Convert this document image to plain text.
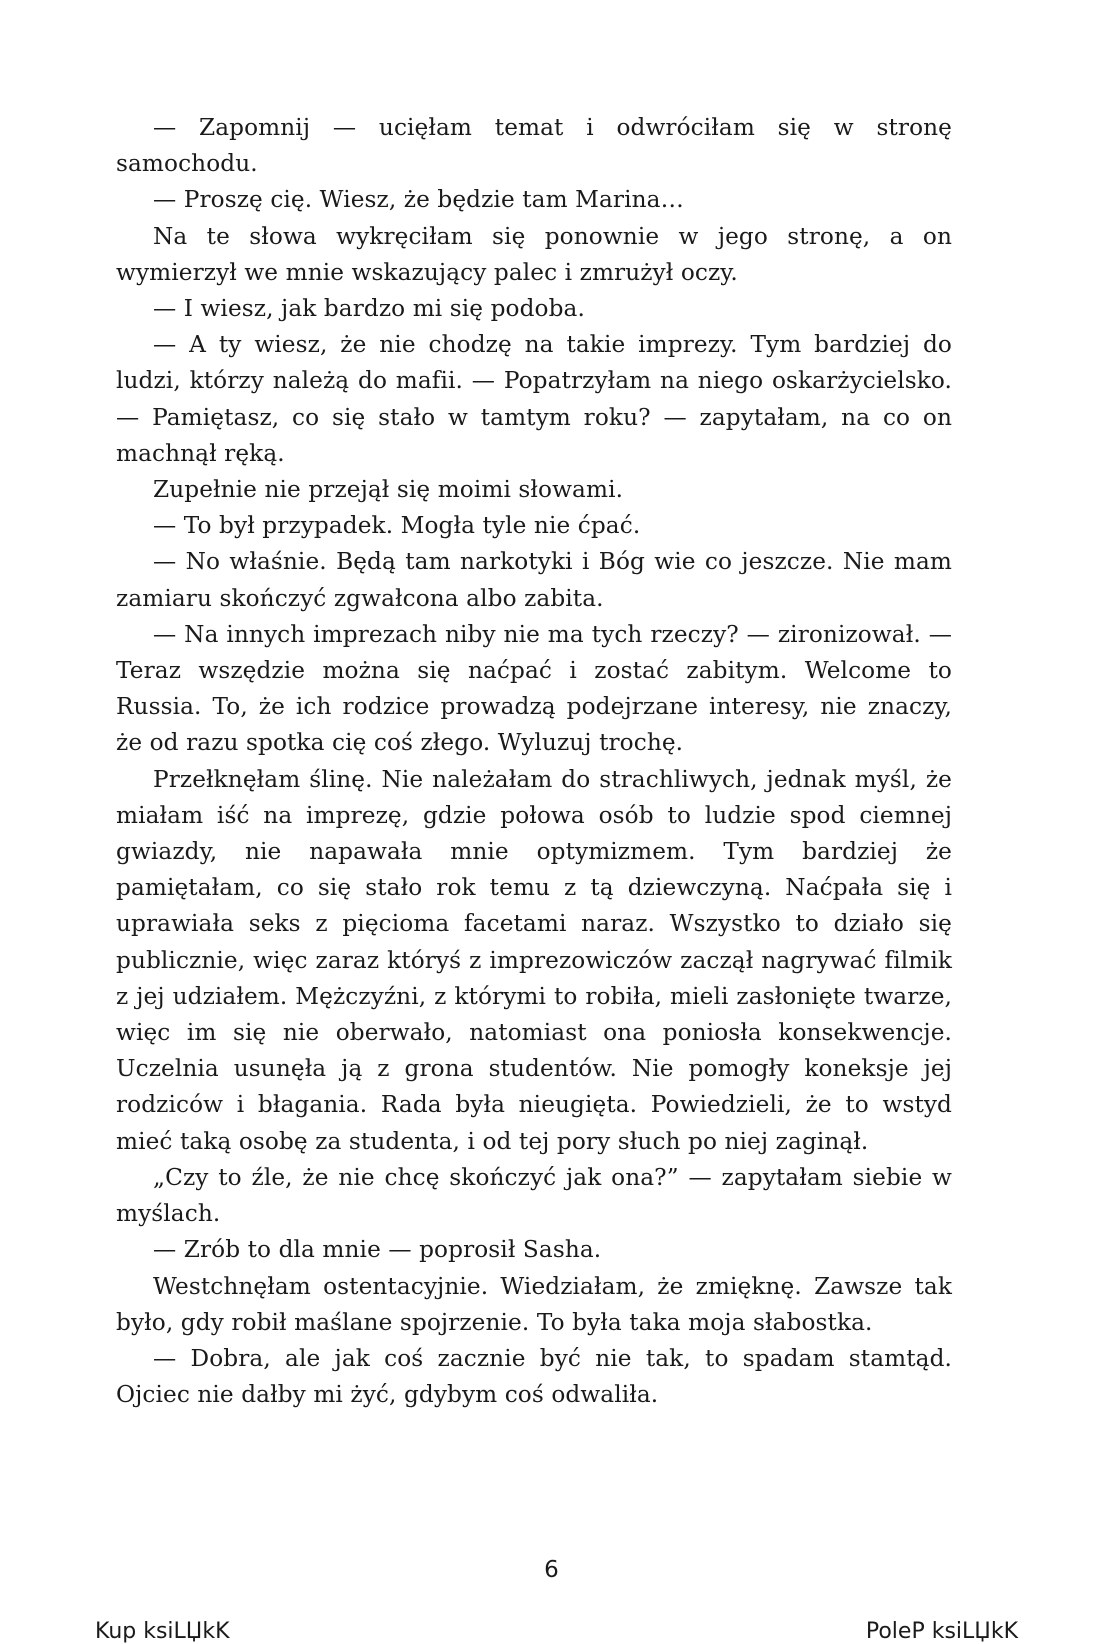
— Zapomnij — ucięłam temat i odwróciłam się w stronę samochodu.

— Proszę cię. Wiesz, że będzie tam Marina…

Na te słowa wykręciłam się ponownie w jego stronę, a on wymierzył we mnie wskazujący palec i zmrużył oczy.

— I wiesz, jak bardzo mi się podoba.

— A ty wiesz, że nie chodzę na takie imprezy. Tym bardziej do ludzi, którzy należą do mafii. — Popatrzyłam na niego oskarżycielsko. — Pamiętasz, co się stało w tamtym roku? — zapytałam, na co on machnął ręką.

Zupełnie nie przejął się moimi słowami.

— To był przypadek. Mogła tyle nie ćpać.

— No właśnie. Będą tam narkotyki i Bóg wie co jeszcze. Nie mam zamiaru skończyć zgwałcona albo zabita.

— Na innych imprezach niby nie ma tych rzeczy? — zironizował. — Teraz wszędzie można się naćpać i zostać zabitym. Welcome to Russia. To, że ich rodzice prowadzą podejrzane interesy, nie znaczy, że od razu spotka cię coś złego. Wyluzuj trochę.

Przełknęłam ślinę. Nie należałam do strachliwych, jednak myśl, że miałam iść na imprezę, gdzie połowa osób to ludzie spod ciemnej gwiazdy, nie napawała mnie optymizmem. Tym bardziej że pamiętałam, co się stało rok temu z tą dziewczyną. Naćpała się i uprawiała seks z pięcioma facetami naraz. Wszystko to działo się publicznie, więc zaraz któryś z imprezowiczów zaczął nagrywać filmik z jej udziałem. Mężczyźni, z którymi to robiła, mieli zasłonięte twarze, więc im się nie oberwało, natomiast ona poniosła konsekwencje. Uczelnia usunęła ją z grona studentów. Nie pomogły koneksje jej rodziców i błagania. Rada była nieugięta. Powiedzieli, że to wstyd mieć taką osobę za studenta, i od tej pory słuch po niej zaginął.

„Czy to źle, że nie chcę skończyć jak ona?” — zapytałam siebie w myślach.

— Zrób to dla mnie — poprosił Sasha.

Westchnęłam ostentacyjnie. Wiedziałam, że zmięknę. Zawsze tak było, gdy robił maślane spojrzenie. To była taka moja słabostka.

— Dobra, ale jak coś zacznie być nie tak, to spadam stamtąd. Ojciec nie dałby mi żyć, gdybym coś odwaliła.

6
Kup ksiLЏkK	PoleP ksiLЏkK
